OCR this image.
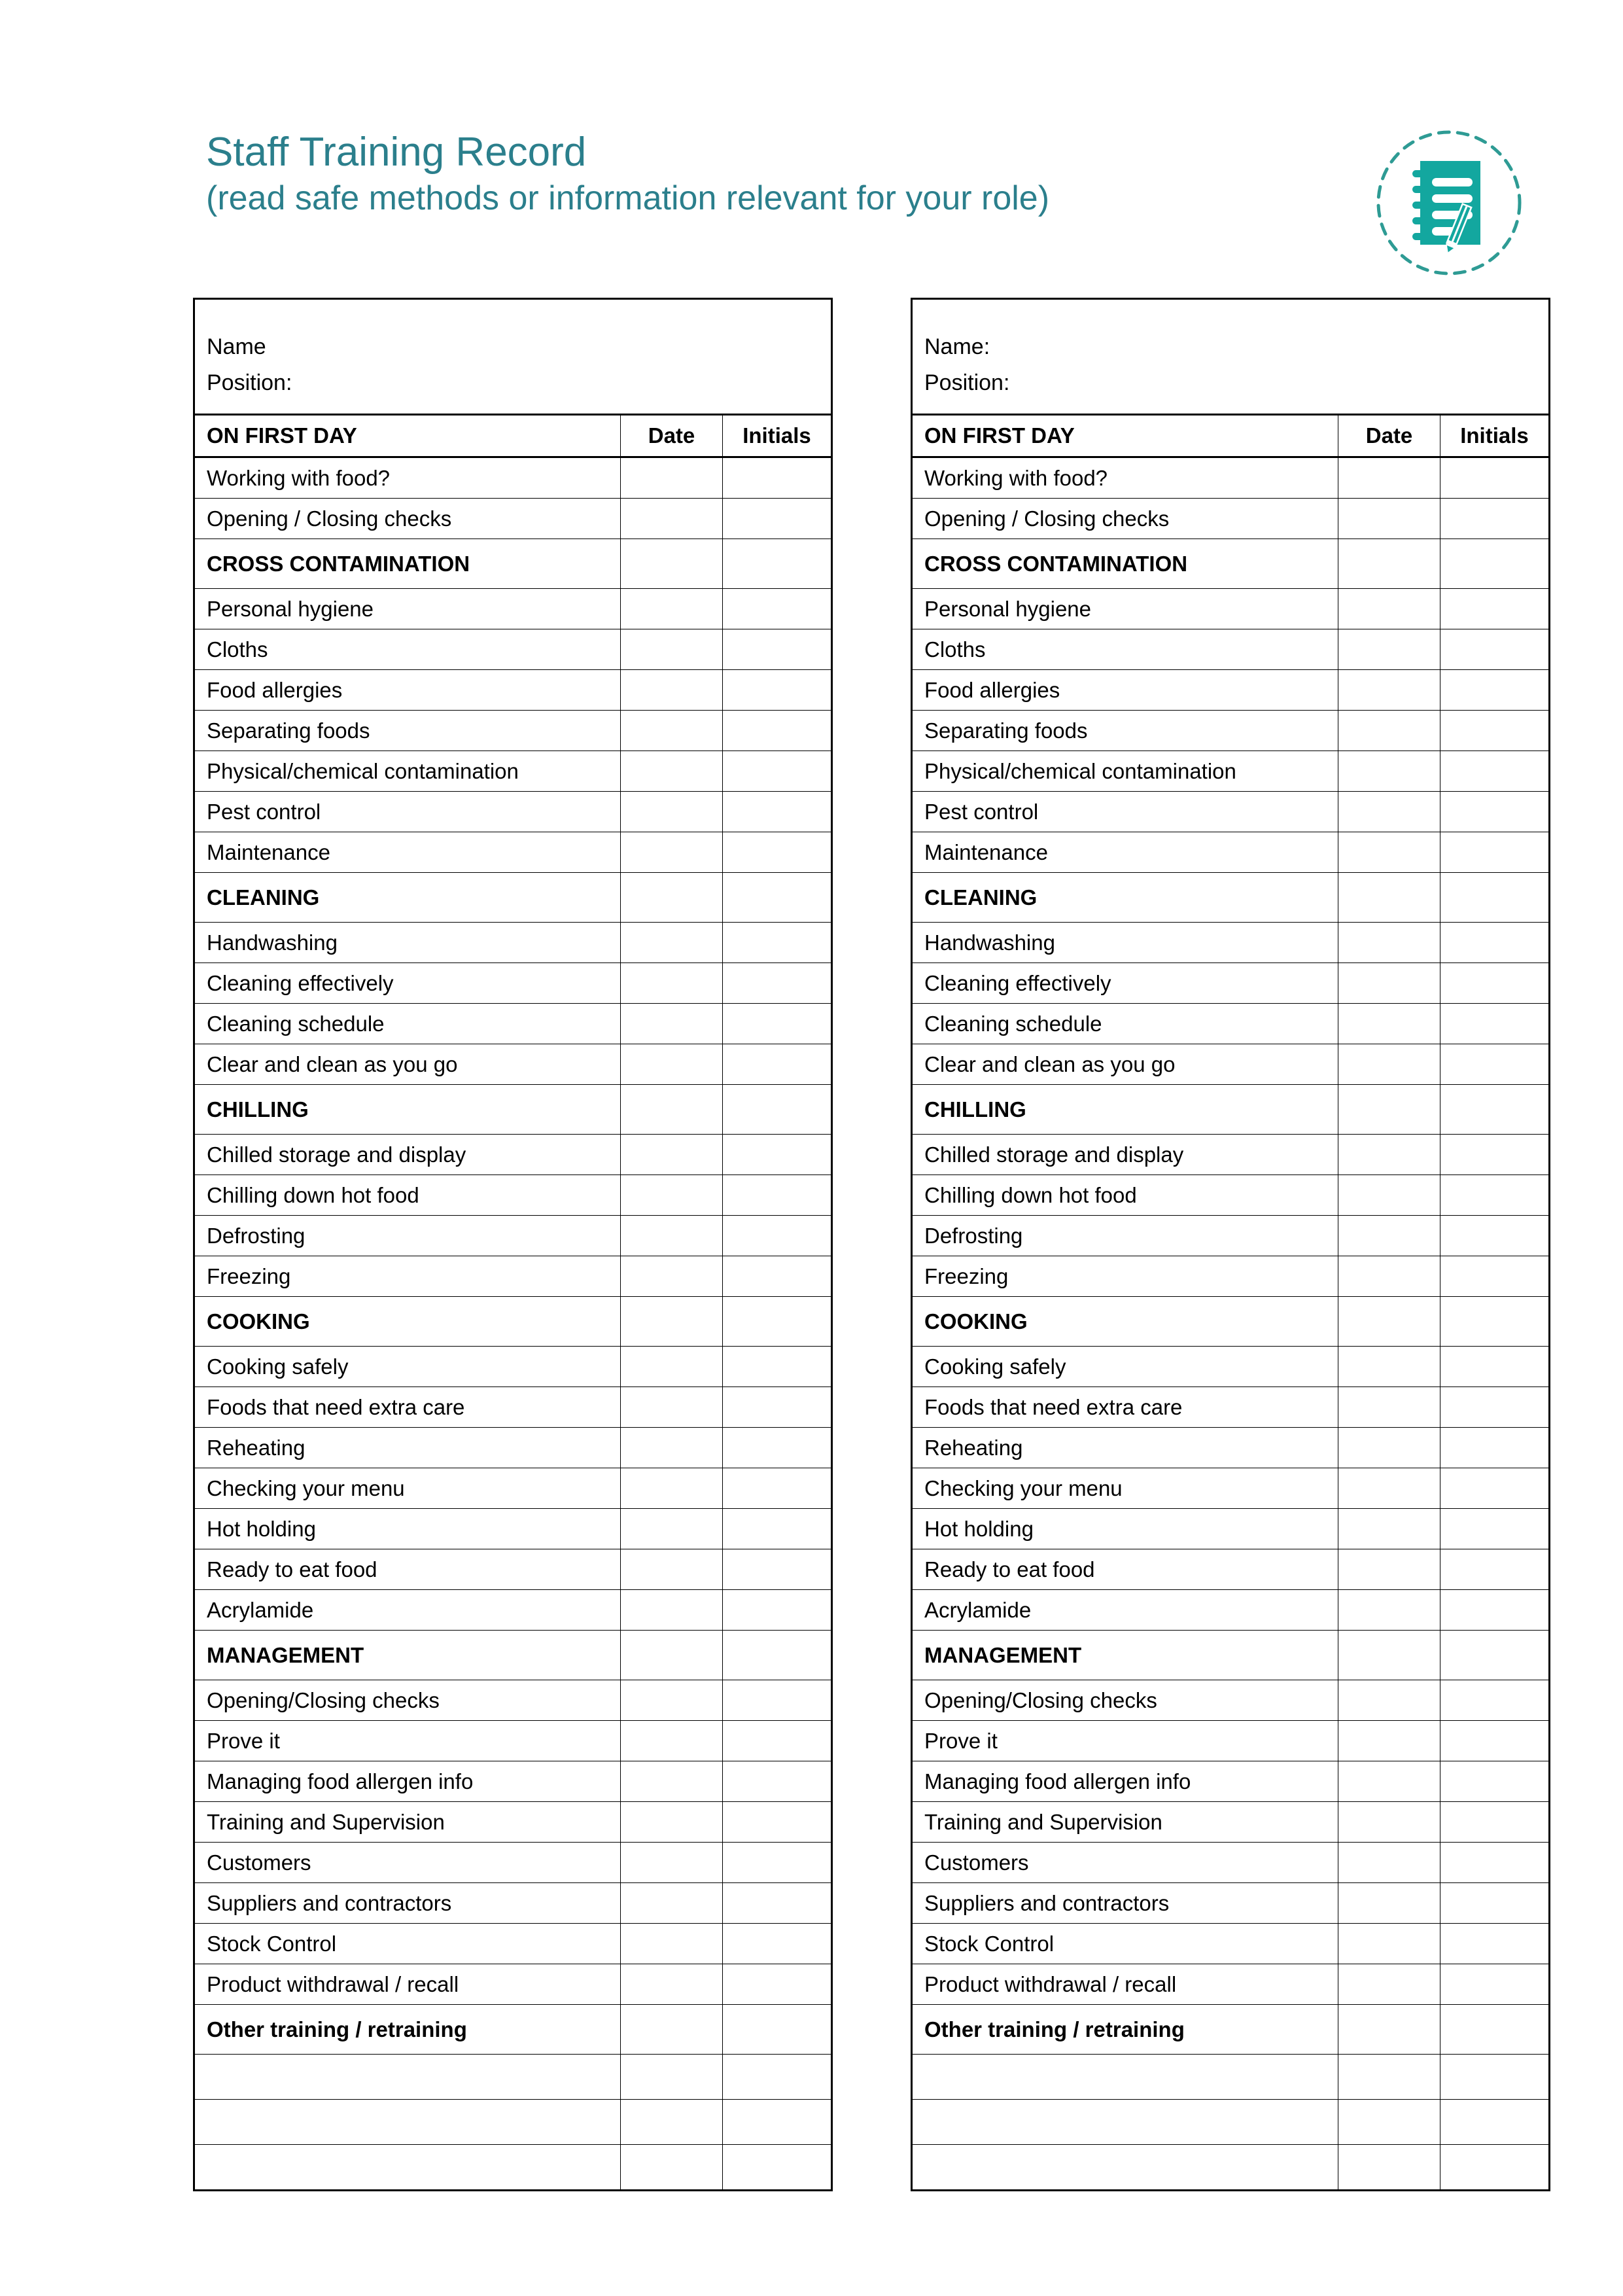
Staff Training Record
(read safe methods or information relevant for your role)
Name
Position:		

ON FIRST DAY	Date	Initials
Working with food?		
Opening / Closing checks		
CROSS CONTAMINATION		
Personal hygiene		
Cloths		
Food allergies		
Separating foods		
Physical/chemical contamination		
Pest control		
Maintenance		
CLEANING		
Handwashing		
Cleaning effectively		
Cleaning schedule		
Clear and clean as you go		
CHILLING		
Chilled storage and display		
Chilling down hot food		
Defrosting		
Freezing		
COOKING		
Cooking safely		
Foods that need extra care		
Reheating		
Checking your menu		
Hot holding		
Ready to eat food		
Acrylamide		
MANAGEMENT		
Opening/Closing checks		
Prove it		
Managing food allergen info		
Training and Supervision		
Customers		
Suppliers and contractors		
Stock Control		
Product withdrawal / recall		
Other training / retraining		

Name:
Position:		

ON FIRST DAY	Date	Initials
Working with food?		
Opening / Closing checks		
CROSS CONTAMINATION		
Personal hygiene		
Cloths		
Food allergies		
Separating foods		
Physical/chemical contamination		
Pest control		
Maintenance		
CLEANING		
Handwashing		
Cleaning effectively		
Cleaning schedule		
Clear and clean as you go		
CHILLING		
Chilled storage and display		
Chilling down hot food		
Defrosting		
Freezing		
COOKING		
Cooking safely		
Foods that need extra care		
Reheating		
Checking your menu		
Hot holding		
Ready to eat food		
Acrylamide		
MANAGEMENT		
Opening/Closing checks		
Prove it		
Managing food allergen info		
Training and Supervision		
Customers		
Suppliers and contractors		
Stock Control		
Product withdrawal / recall		
Other training / retraining		
